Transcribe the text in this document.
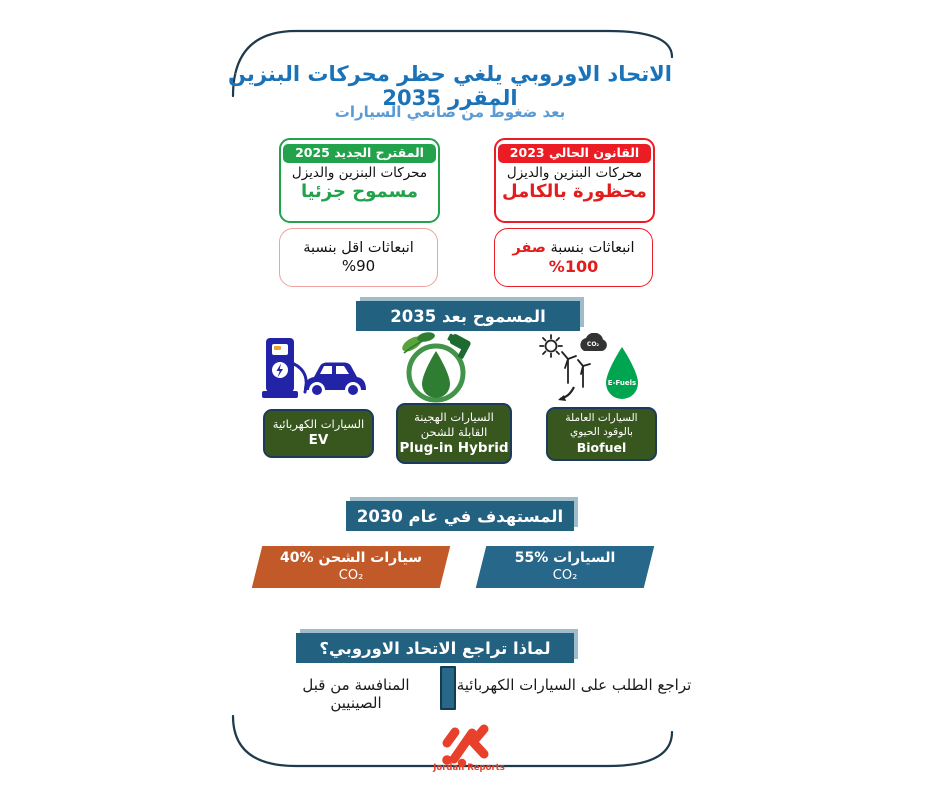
الاتحاد الاوروبي يلغي حظر محركات البنزين المقرر 2035
بعد ضغوط من صانعي السيارات
المقترح الجديد 2025
محركات البنزين والديزل
مسموح جزئيا
انبعاثات اقل بنسبة
%90
القانون الحالي 2023
محركات البنزين والديزل
محظورة بالكامل
انبعاثات بنسبة صفر
%100
المسموح بعد 2035
السيارات الكهربائية
EV
السيارات الهجينة
القابلة للشحن
Plug-in Hybrid
CO₂
E-Fuels
السيارات العاملة
بالوقود الحيوي
Biofuel
المستهدف في عام 2030
السيارات %55
CO₂
سيارات الشحن %40
CO₂
لماذا تراجع الاتحاد الاوروبي؟
تراجع الطلب على السيارات الكهربائية
المنافسة من قبل الصينيين
Jordan Reports
